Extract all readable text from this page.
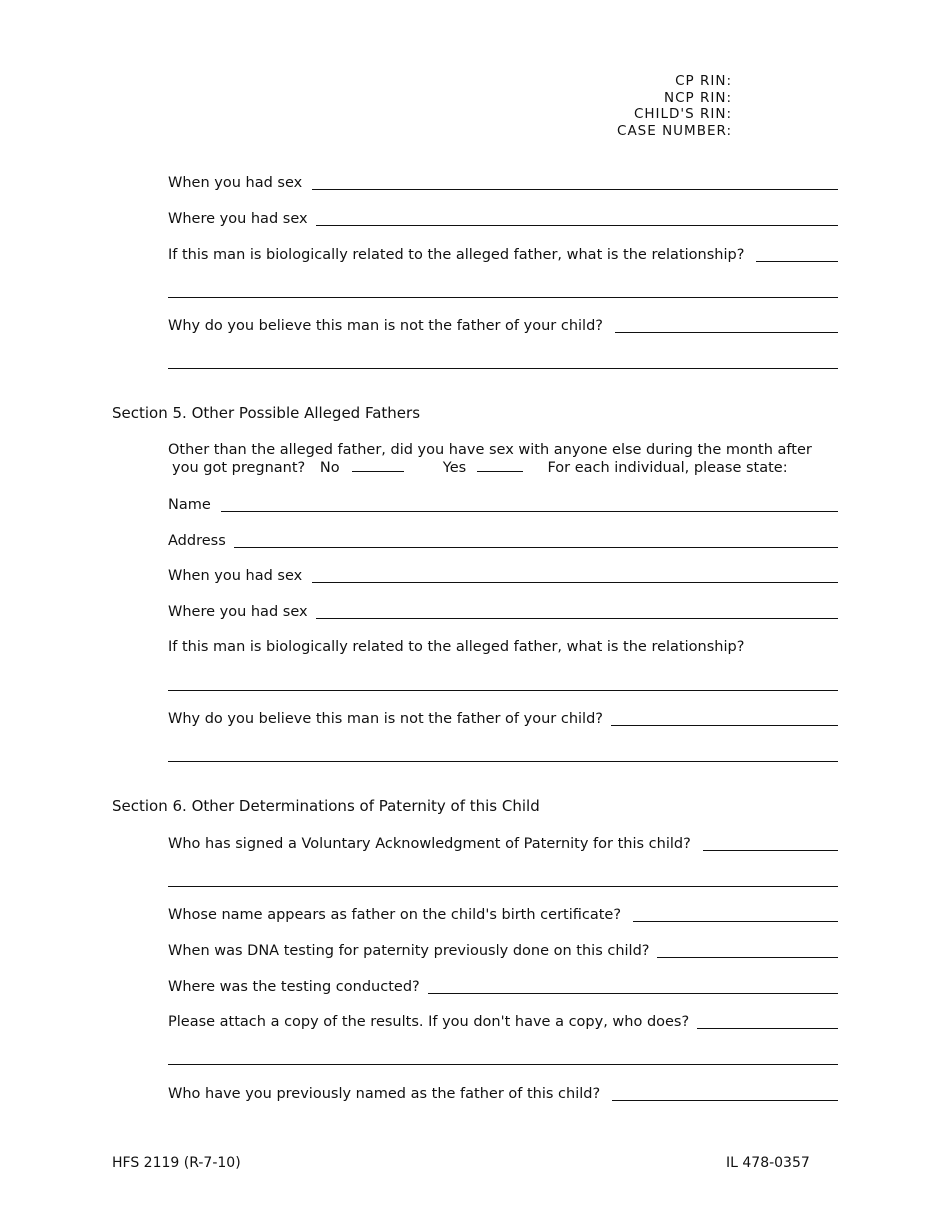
CP RIN:
NCP RIN:
CHILD'S RIN:
CASE NUMBER:
When you had sex
Where you had sex
If this man is biologically related to the alleged father, what is the relationship?
Why do you believe this man is not the father of your child?
Section 5. Other Possible Alleged Fathers
Other than the alleged father, did you have sex with anyone else during the month after
you got pregnant? No	Yes	For each individual, please state:
Name
Address
When you had sex
Where you had sex
If this man is biologically related to the alleged father, what is the relationship?
Why do you believe this man is not the father of your child?
Section 6. Other Determinations of Paternity of this Child
Who has signed a Voluntary Acknowledgment of Paternity for this child?
Whose name appears as father on the child's birth certificate?
When was DNA testing for paternity previously done on this child?
Where was the testing conducted?
Please attach a copy of the results. If you don't have a copy, who does?
Who have you previously named as the father of this child?
HFS 2119 (R-7-10)	IL 478-0357
